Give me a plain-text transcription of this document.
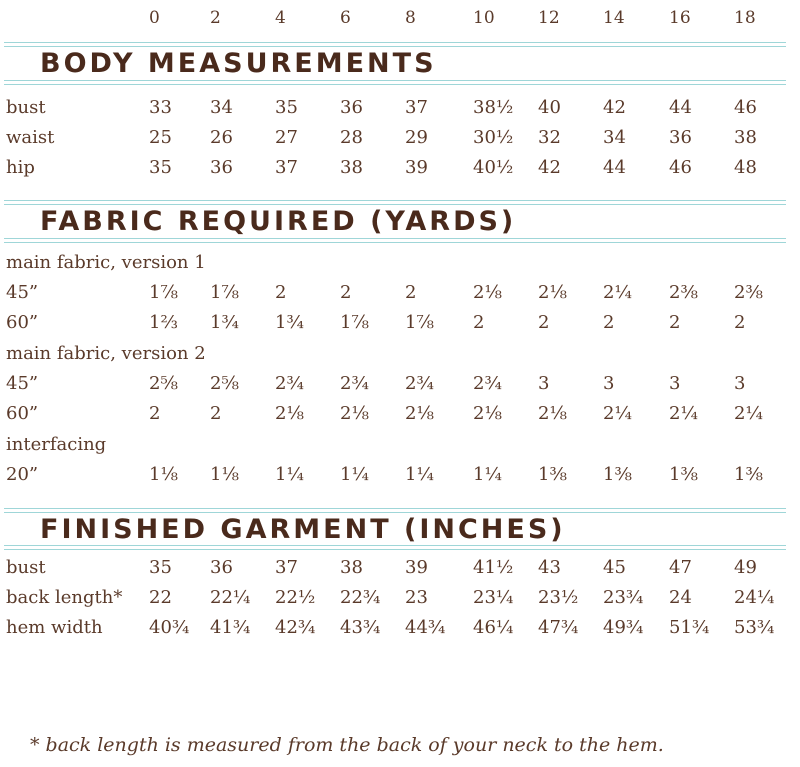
0	2	4	6	8	10	12	14	16	18
BODY MEASUREMENTS
bust	33 34 35 36 37	38½ 40 42 44 46
waist	25 26 27 28 29	30½ 32 34 36 38
hip	35 36 37 38 39	40½ 42 44 46 48
FABRIC REQUIRED (YARDS)
main fabric, version 1
45”	1⅞ 1⅞ 2	2	2	2⅛ 2⅛ 2¼ 2⅜ 2⅜
60”	1⅔ 1¾ 1¾ 1⅞ 1⅞ 2	2	2	2	2
main fabric, version 2
45”	2⅝ 2⅝ 2¾ 2¾ 2¾ 2¾ 3	3	3	3
60”	2	2	2⅛ 2⅛ 2⅛ 2⅛ 2⅛ 2¼ 2¼ 2¼
interfacing
20”	1⅛ 1⅛ 1¼ 1¼ 1¼ 1¼ 1⅜ 1⅜ 1⅜ 1⅜
FINISHED GARMENT (INCHES)
bust	35 36 37 38 39	41½ 43 45 47 49
back length* 22 22¼ 22½ 22¾ 23	23¼ 23½ 23¾ 24 24¼
hem width	40¾ 41¾ 42¾ 43¾ 44¾ 46¼ 47¾ 49¾ 51¾ 53¾
* back length is measured from the back of your neck to the hem.
